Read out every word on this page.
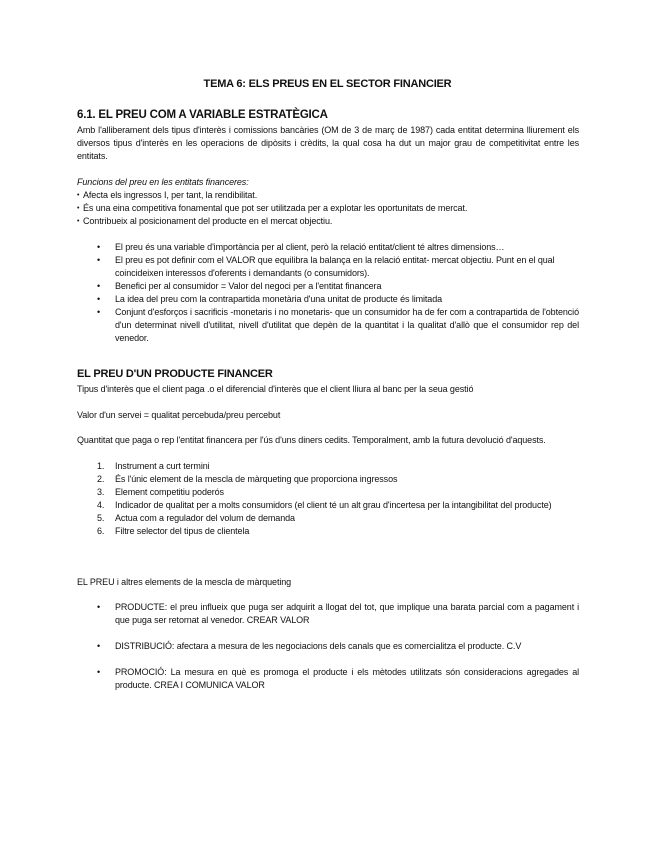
TEMA 6: ELS PREUS EN EL SECTOR FINANCIER
6.1. EL PREU COM A VARIABLE ESTRATÈGICA
Amb l'alliberament dels tipus d'interès i comissions bancàries (OM de 3 de març de 1987) cada entitat determina lliurement els diversos tipus d'interès en les operacions de dipòsits i crèdits, la qual cosa ha dut un major grau de competitivitat entre les entitats.
Funcions del preu en les entitats financeres:
• Afecta els ingressos I, per tant, la rendibilitat.
• És una eina competitiva fonamental que pot ser utilitzada per a explotar les oportunitats de mercat.
• Contribueix al posicionament del producte en el mercat objectiu.
• El preu és una variable d'importància per al client, però la relació entitat/client té altres dimensions…
• El preu es pot definir com el VALOR que equilibra la balança en la relació entitat- mercat objectiu. Punt en el qual coincideixen interessos d'oferents i demandants (o consumidors).
• Benefici per al consumidor = Valor del negoci per a l'entitat financera
• La idea del preu com la contrapartida monetària d'una unitat de producte és limitada
• Conjunt d'esforços i sacrificis -monetaris i no monetaris- que un consumidor ha de fer com a contrapartida de l'obtenció d'un determinat nivell d'utilitat, nivell d'utilitat que depèn de la quantitat i la qualitat d'allò que el consumidor rep del venedor.
EL PREU D'UN PRODUCTE FINANCER
Tipus d'interès que el client paga .o el diferencial d'interès que el client lliura al banc per la seua gestió
Valor d'un servei = qualitat percebuda/preu percebut
Quantitat que paga o rep l'entitat financera per l'ús d'uns diners cedits. Temporalment, amb la futura devolució d'aquests.
1. Instrument a curt termini
2. És l'únic element de la mescla de màrqueting que proporciona ingressos
3. Element competitiu poderós
4. Indicador de qualitat per a molts consumidors (el client té un alt grau d'incertesa per la intangibilitat del producte)
5. Actua com a regulador del volum de demanda
6. Filtre selector del tipus de clientela
EL PREU i altres elements de la mescla de màrqueting
• PRODUCTE: el preu influeix que puga ser adquirit a llogat del tot, que implique una barata parcial com a pagament i que puga ser retornat al venedor. CREAR VALOR
• DISTRIBUCIÓ: afectara a mesura de les negociacions dels canals que es comercialitza el producte. C.V
• PROMOCIÓ: La mesura en què es promoga el producte i els mètodes utilitzats són consideracions agregades al producte. CREA I COMUNICA VALOR
